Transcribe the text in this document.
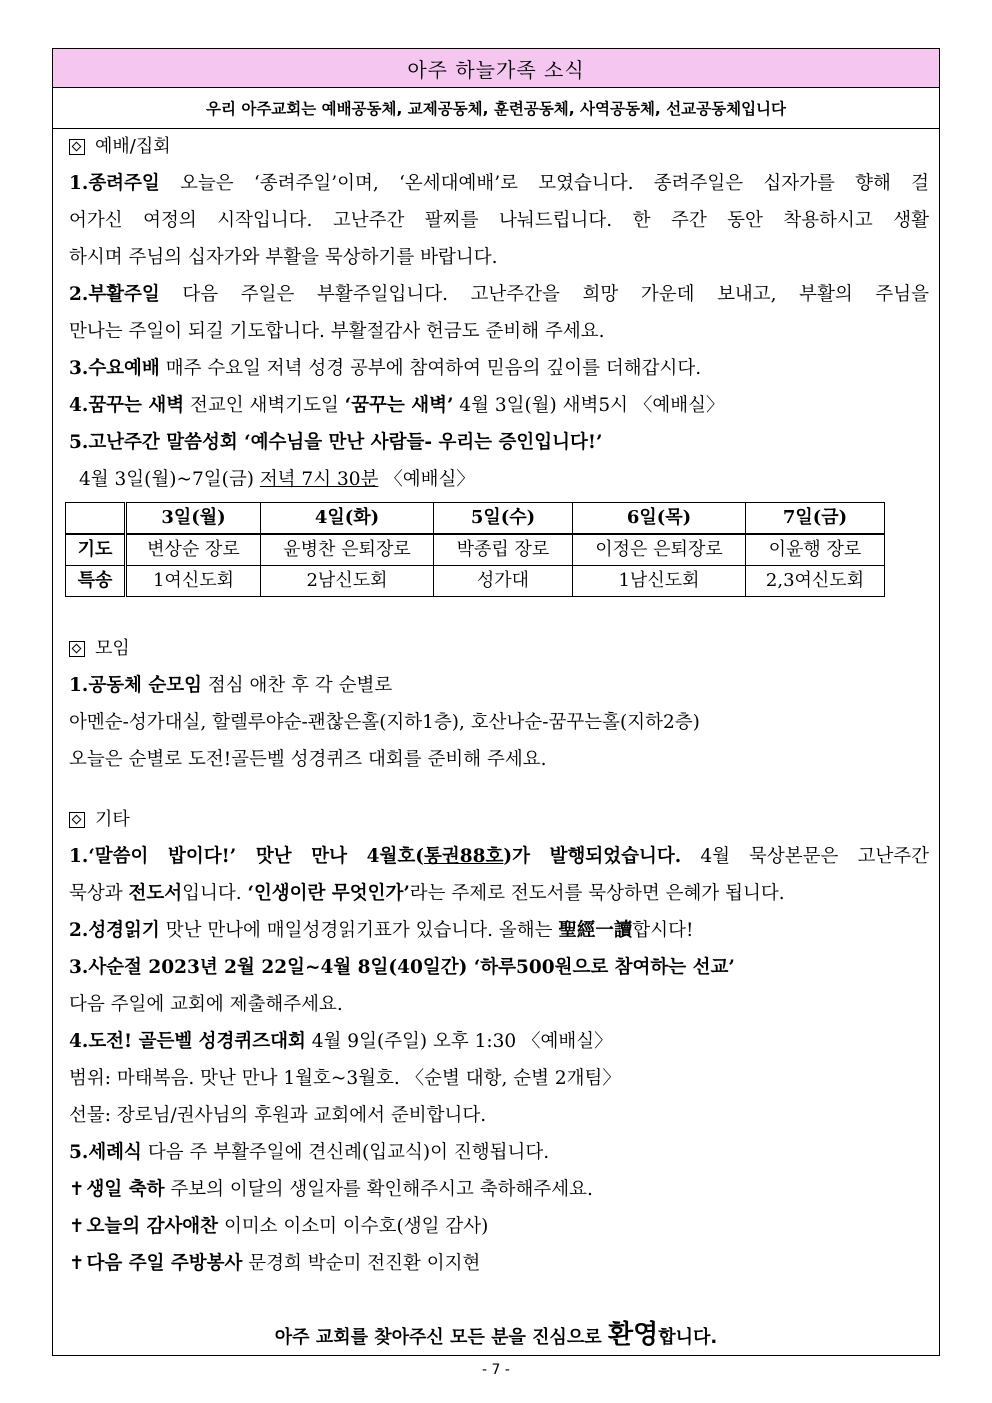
아주 하늘가족 소식
우리 아주교회는 예배공동체, 교제공동체, 훈련공동체, 사역공동체, 선교공동체입니다
예배/집회
1.종려주일 오늘은 ‘종려주일’이며, ‘온세대예배’로 모였습니다. 종려주일은 십자가를 향해 걸
어가신 여정의 시작입니다. 고난주간 팔찌를 나눠드립니다. 한 주간 동안 착용하시고 생활
하시며 주님의 십자가와 부활을 묵상하기를 바랍니다.
2.부활주일 다음 주일은 부활주일입니다. 고난주간을 희망 가운데 보내고, 부활의 주님을
만나는 주일이 되길 기도합니다. 부활절감사 헌금도 준비해 주세요.
3.수요예배 매주 수요일 저녁 성경 공부에 참여하여 믿음의 깊이를 더해갑시다.
4.꿈꾸는 새벽 전교인 새벽기도일 ‘꿈꾸는 새벽’ 4월 3일(월) 새벽5시 〈예배실〉
5.고난주간 말씀성회 ‘예수님을 만난 사람들- 우리는 증인입니다!’
4월 3일(월)~7일(금) 저녁 7시 30분 〈예배실〉
	3일(월)	4일(화)	5일(수)	6일(목)	7일(금)
기도	변상순 장로	윤병찬 은퇴장로	박종립 장로	이정은 은퇴장로	이윤행 장로
특송	1여신도회	2남신도회	성가대	1남신도회	2,3여신도회
모임
1.공동체 순모임 점심 애찬 후 각 순별로
아멘순-성가대실, 할렐루야순-괜찮은홀(지하1층), 호산나순-꿈꾸는홀(지하2층)
오늘은 순별로 도전!골든벨 성경퀴즈 대회를 준비해 주세요.
기타
1.‘말씀이 밥이다!’ 맛난 만나 4월호(통권88호)가 발행되었습니다. 4월 묵상본문은 고난주간
묵상과 전도서입니다. ‘인생이란 무엇인가’라는 주제로 전도서를 묵상하면 은혜가 됩니다.
2.성경읽기 맛난 만나에 매일성경읽기표가 있습니다. 올해는 聖經一讀합시다!
3.사순절 2023년 2월 22일~4월 8일(40일간) ‘하루500원으로 참여하는 선교’
다음 주일에 교회에 제출해주세요.
4.도전! 골든벨 성경퀴즈대회 4월 9일(주일) 오후 1:30 〈예배실〉
범위: 마태복음. 맛난 만나 1월호~3월호. 〈순별 대항, 순별 2개팀〉
선물: 장로님/권사님의 후원과 교회에서 준비합니다.
5.세례식 다음 주 부활주일에 견신례(입교식)이 진행됩니다.
✝ 생일 축하 주보의 이달의 생일자를 확인해주시고 축하해주세요.
✝ 오늘의 감사애찬 이미소 이소미 이수호(생일 감사)
✝ 다음 주일 주방봉사 문경희 박순미 전진환 이지현
아주 교회를 찾아주신 모든 분을 진심으로 환영합니다.
- 7 -
